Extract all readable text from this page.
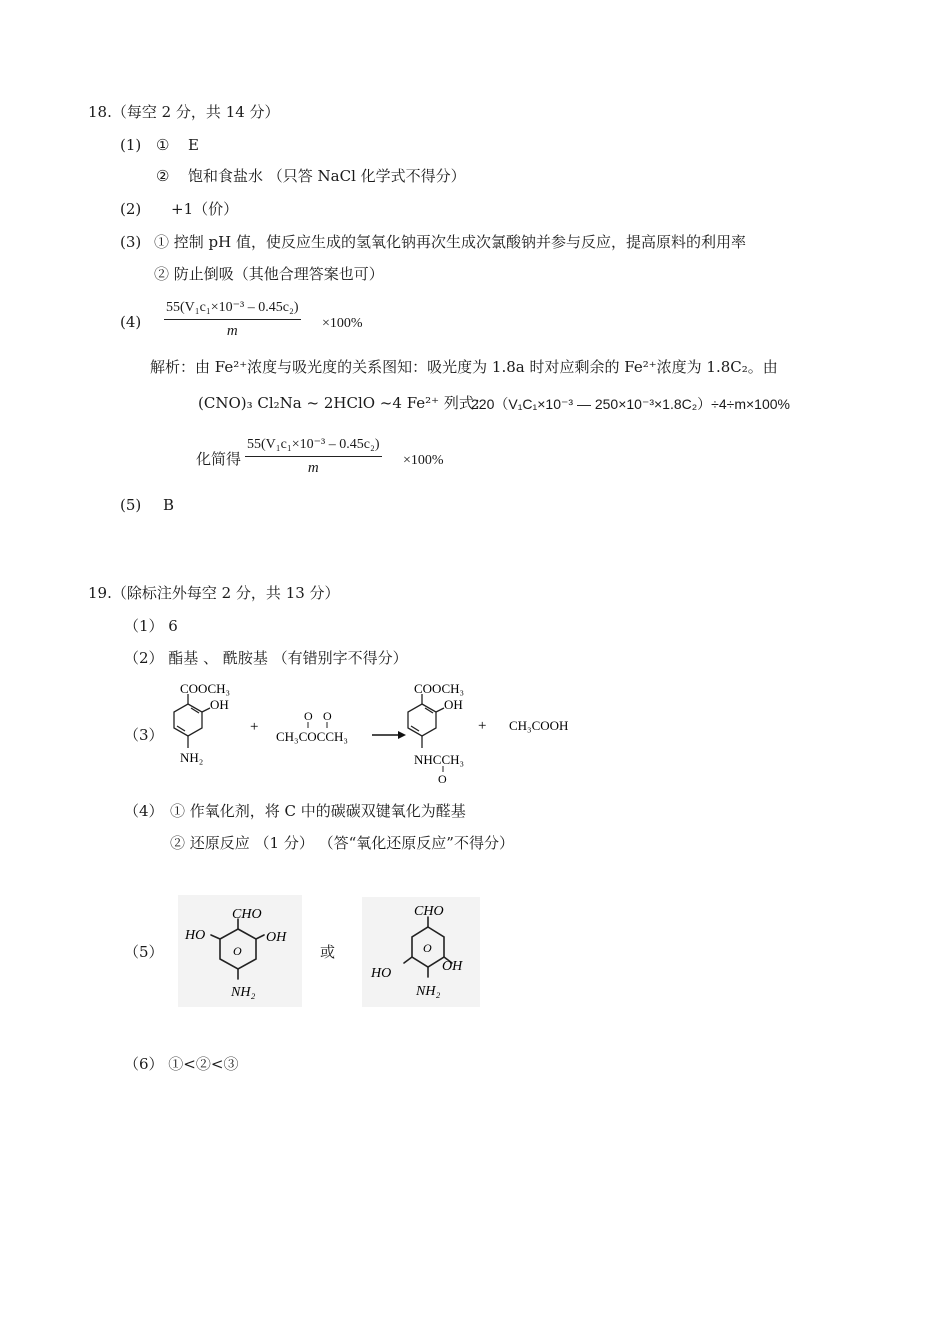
18.（每空 2 分，共 14 分）
(1) ① E
② 饱和食盐水 （只答 NaCl 化学式不得分）
(2) +1（价）
(3) ① 控制 pH 值，使反应生成的氢氧化钠再次生成次氯酸钠并参与反应，提高原料的利用率
② 防止倒吸（其他合理答案也可）
(4)
55(V₁c₁×10⁻³ – 0.45c₂)
m	×100%
解析：由 Fe²⁺浓度与吸光度的关系图知：吸光度为 1.8a 时对应剩余的 Fe²⁺浓度为 1.8C₂。由
(CNO)₃ Cl₂Na ~ 2HClO ~4 Fe²⁺ 列式：
220（V₁C₁×10⁻³ — 250×10⁻³×1.8C₂）÷4÷m×100%
化简得
55(V₁c₁×10⁻³ – 0.45c₂)
m	×100%
(5) B
19.（除标注外每空 2 分，共 13 分）
（1） 6
（2） 酯基 、 酰胺基 （有错别字不得分）
（3）
COOCH₃
OH
NH₂
+
O O
CH₃COCCH₃
COOCH₃
OH
NHCCH₃
O
+ CH₃COOH
（4） ① 作氧化剂，将 C 中的碳碳双键氧化为醛基
② 还原反应 （1 分） （答“氧化还原反应”不得分）
（5）
CHO
HO	OH
O
NH₂
或
CHO
HO	OH
O
NH₂
（6） ①<②<③
